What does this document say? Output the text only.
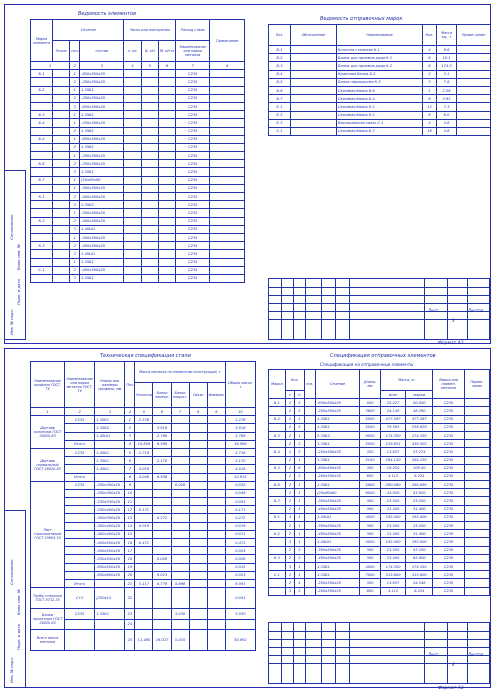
Ведомость элементов
Марка элемента	Сечение			Число или повторения			Расход стали	Примечание
	Эскиз	поз.	состав	л. эл.	N, кН	M, кН·м	Наименование или марка металла	
1		2	3	4	5	6	7	8
Б-1		1	-650x500x20				С235	
		2	-200x300x20				С235	
Б-2		1	1.35Б1				С235	
		2	-200x300x20				С235	
		3	-650x500x20				С235	
Б-3		1	1.35Б1				С235	
Б-4		1	-250x300x20				С235	
		2	1.35Б1				С235	
Б-5		1	-650x500x20				С235	
		2	1.35Б1				С235	
		1	-200x300x20				С235	
Б-6		2	-250x300x20				С235	
		3	1.35Б1				С235	
Б-7		1	[20x80x80				С235	
		1	-300x500x20				С235	
К-1		2	-400x500x20				С235	
		3	2.35Б2				С235	
		1	-300x500x20				С235	
К-2		2	-400x500x20				С235	
		3	1.40Ш1				С235	
		1	-300x500x20				С235	
К-3		2	-400x500x20				С235	
		3	1.40Ш1				С235	
		1	1.35Б1				С235	
С-1		2	-400x500x20				С235	
		3	1.35Б1				С235	
Ведомость отправочных марок
Поз.	Обозначение	Наименование	Кол.	Масса ед., т	Приме-чание
Б-1		Колонна стальная К-1	4	8.6	
Б-2		Балка для проемов ряда К-1	6	10.1	
Б-3		Балка для проемов ряда К-2	6	174.3	
Б-4		Крановая балка Б-2	2	3.1	
Б-5		Балка перекрытия К-3	3	7.6	
Б-6		Связевая балка Б-6	1	2.56	
Б-7		Связевая балка Б-4	6	3.92	
К-1		Связевая балка К-1	12	7.3	
К-2		Связевая балка К-1	6	6.0	
К-3		Вертикальная связь С-1	4	4.8	
С-1		Связевая балка Б-7	16	4.6	
Лист	Листов
3
Формат А3
Инв. № подл.
Подп. и дата
Взам. инв. №
Согласовано
Техническая спецификация стали
Наименование профиля ГОСТ, ТУ	Наименование или марка металла ГОСТ, ТУ	Номер или размеры профиля, мм	Поз.	Масса металла по элементам конструкций, т					Общая масса, т
				Колонны	Балки перекр.	Балки покрыт.	Связи	Фахверк	
1	2	3	4	5	6	7	8	9	10
Двутавр колонный ГОСТ 26020-83	С235	1.30К1	1	2.276					2.276
		1.35Б2	2		3.918				3.918
		1.40Ш1	3		2.768				2.768
	Итого		4	10.859	6.268				16.968
Двутавр нормальный ГОСТ 26020-83	С235	1.40Б1	5	2.716					2.716
		1.35Б1	6		2.170				2.170
		1.45Б1	7	4.016					4.016
	Итого		8	4.046	6.306				10.915
Лист горячекатаный ГОСТ 19903-74	С235	-200x300x20	9			0.028			0.028
		-200x300x20	10						0.046
		-230x330x20	11						0.055
		-200x400x20	12	0.171					0.171
		-300x300x20	13		0.272				0.272
		-300x400x20	14	0.019					0.019
		-400x400x20	15						0.011
		-400x500x20	16	0.471					0.471
		-500x500x20	17						0.024
		-550x550x20	18		0.026				0.026
		-650x500x20	19						0.012
		-650x600x20	20		0.023				0.023
	Итого		21	3.117	0.776	5.698			9.591
Трубы стальные ГОСТ 8732-78	Ст3	[200x15	22						0.041
Балки прокатные ГОСТ 26020-83	С235	1.35Б1	23			3.030			3.030
			24						
Всего масса металла			25	11.460	16.027	5.035			30.892
Спецификация отправочных элементов
Спецификация на отправочные элементы
Марка	Кол.		поз.	Сечение	Длина, мм	Масса, кг		Марка или наимен. металла	Приме-чание
	т	н				всех	марки		
Б-1	1	2		-650x500x20	500	25.027	50.050	С235	
	2	2		-200x300x20	3600	24.140	48.260	С235	
Б-2	1	1		1.35Б1	5000	477.267	477.267	С235	
	2	3		1.35Б1	5050	79.563	238.628	С235	
Б-3	1	1		2.35Б2	9000	174.350	174.350	С235	
	2	2		1.35Б1	5000	219.651	439.302	С235	
Б-4	1	2		-250x300x20	350	13.637	27.274	С235	
	2	1		1.35Б1	5150	284.120	284.120	С235	
Б-5	1	6		-650x500x20	300	18.250	109.50	С235	
	1	2		-200x300x20	600	4.112	8.224	С235	
Б-6	2	1		1.35Б1	5800	280.090	280.090	С235	
	1	1		[20x80x80	6000	43.920	43.920	С235	
Б-7	1	1		-300x500x20	300	23.550	23.550	С235	
	2	1		-400x500x20	300	31.400	31.400	С235	
К-1	3	1		1.40Ш1	4000	192.000	192.000	С235	
	1	1		-300x500x20	300	23.550	23.550	С235	
К-2	2	1		-400x500x20	300	31.400	31.400	С235	
	3	1		1.40Ш1	4000	192.000	192.000	С235	
	1	2		-300x500x20	300	23.550	47.100	С235	
К-3	2	2		-400x500x20	300	31.400	62.800	С235	
	3	1		1.35Б1	4000	174.350	174.350	С235	
С-1	1	1		1.35Б1	7000	313.600	313.600	С235	
	2	4		-250x300x20	350	13.637	54.548	С235	
	3	2		-200x300x20	600	4.112	8.224	С235	
Лист	Листов
6
Формат А3
Инв. № подл.
Подп. и дата
Взам. инв. №
Согласовано
